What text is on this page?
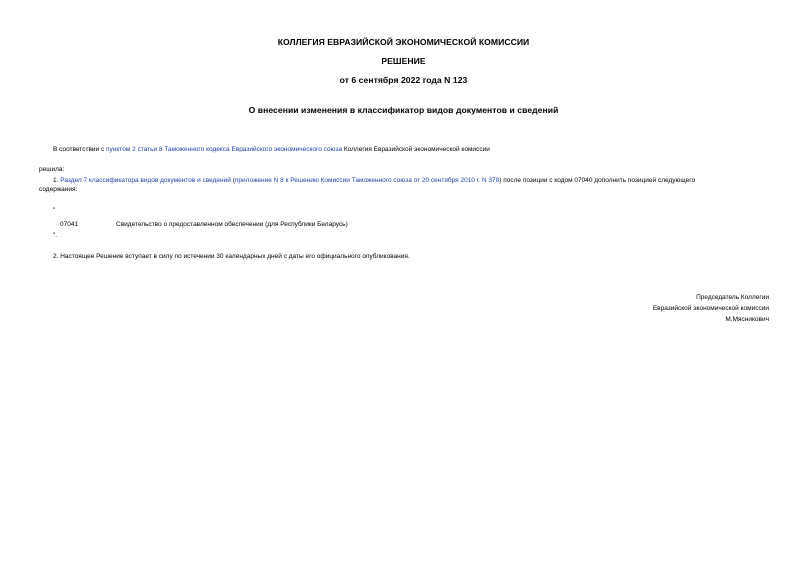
КОЛЛЕГИЯ ЕВРАЗИЙСКОЙ ЭКОНОМИЧЕСКОЙ КОМИССИИ
РЕШЕНИЕ
от 6 сентября 2022 года N 123
О внесении изменения в классификатор видов документов и сведений
В соответствии с пунктом 2 статьи 8 Таможенного кодекса Евразийского экономического союза Коллегия Евразийской экономической комиссии
решила:
1. Раздел 7 классификатора видов документов и сведений (приложение N 8 к Решению Комиссии Таможенного союза от 20 сентября 2010 г. N 378) после позиции с кодом 07040 дополнить позицией следующего
содержания:
"
07041	Свидетельство о предоставленном обеспечении (для Республики Беларусь)
".
2. Настоящее Решение вступает в силу по истечении 30 календарных дней с даты его официального опубликования.
Председатель Коллегии
Евразийской экономической комиссии
М.Мясникович
